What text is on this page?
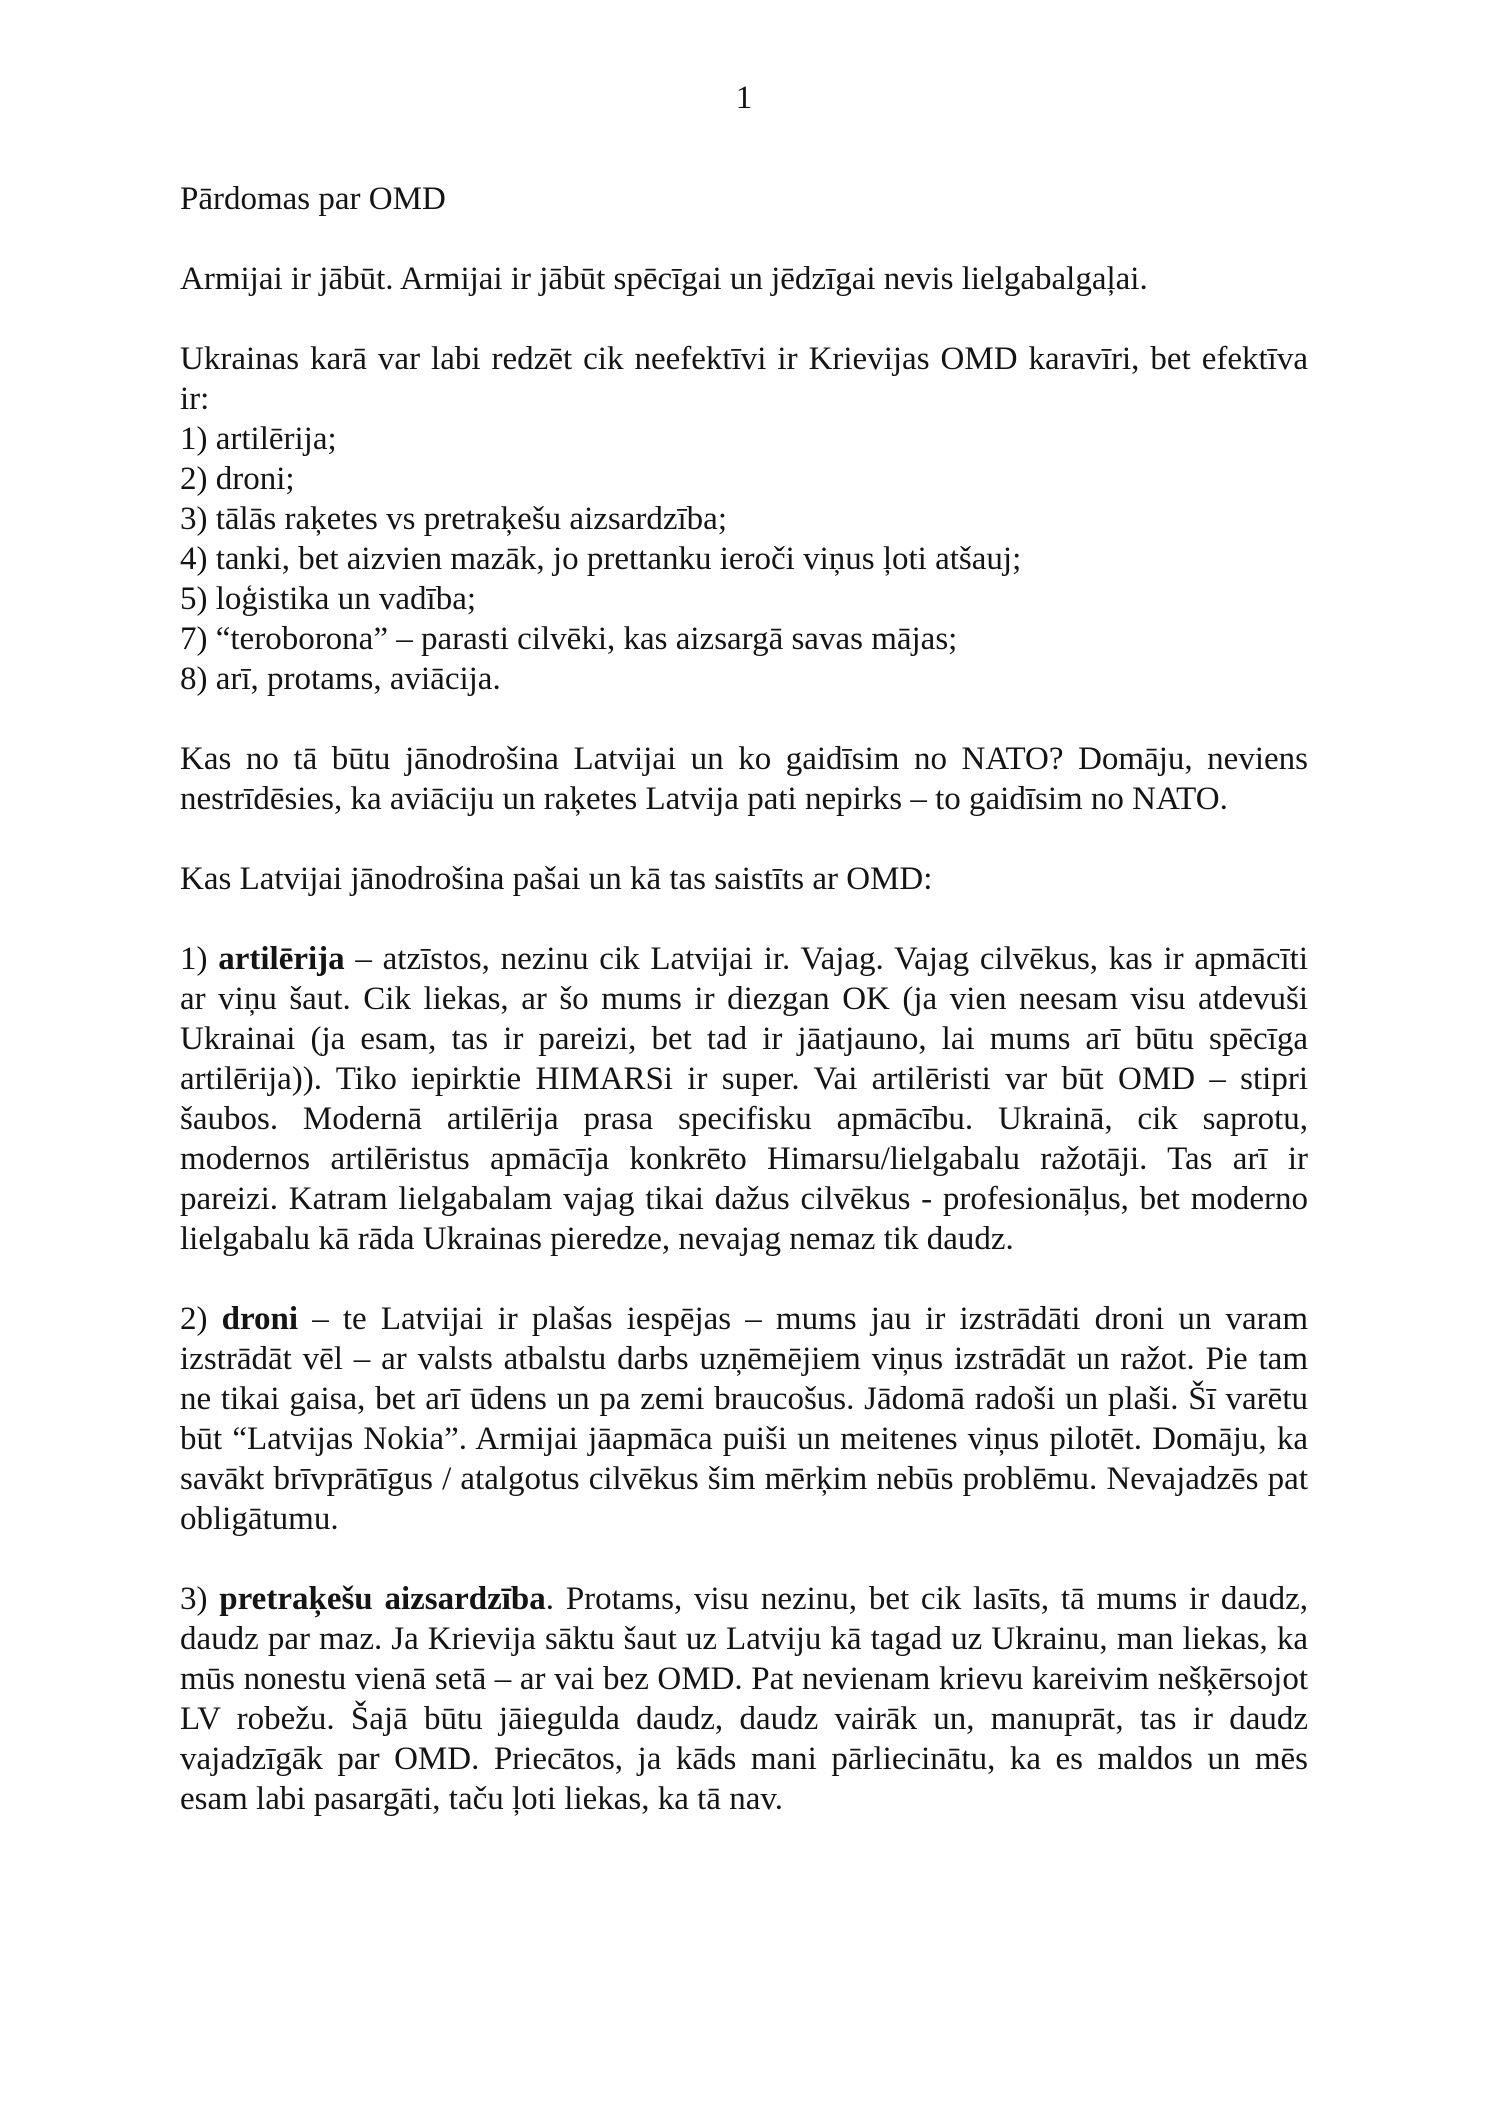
1

Pārdomas par OMD

Armijai ir jābūt. Armijai ir jābūt spēcīgai un jēdzīgai nevis lielgabalgaļai.

Ukrainas karā var labi redzēt cik neefektīvi ir Krievijas OMD karavīri, bet efektīva ir:

1) artilērija;

2) droni;

3) tālās raķetes vs pretraķešu aizsardzība;

4) tanki, bet aizvien mazāk, jo prettanku ieroči viņus ļoti atšauj;

5) loģistika un vadība;

7) “teroborona” – parasti cilvēki, kas aizsargā savas mājas;

8) arī, protams, aviācija.

Kas no tā būtu jānodrošina Latvijai un ko gaidīsim no NATO? Domāju, neviens nestrīdēsies, ka aviāciju un raķetes Latvija pati nepirks – to gaidīsim no NATO.

Kas Latvijai jānodrošina pašai un kā tas saistīts ar OMD:

1) artilērija – atzīstos, nezinu cik Latvijai ir. Vajag. Vajag cilvēkus, kas ir apmācīti ar viņu šaut. Cik liekas, ar šo mums ir diezgan OK (ja vien neesam visu atdevuši Ukrainai (ja esam, tas ir pareizi, bet tad ir jāatjauno, lai mums arī būtu spēcīga artilērija)). Tiko iepirktie HIMARSi ir super. Vai artilēristi var būt OMD – stipri šaubos. Modernā artilērija prasa specifisku apmācību. Ukrainā, cik saprotu, modernos artilēristus apmācīja konkrēto Himarsu/lielgabalu ražotāji. Tas arī ir pareizi. Katram lielgabalam vajag tikai dažus cilvēkus - profesionāļus, bet moderno lielgabalu kā rāda Ukrainas pieredze, nevajag nemaz tik daudz.

2) droni – te Latvijai ir plašas iespējas – mums jau ir izstrādāti droni un varam izstrādāt vēl – ar valsts atbalstu darbs uzņēmējiem viņus izstrādāt un ražot. Pie tam ne tikai gaisa, bet arī ūdens un pa zemi braucošus. Jādomā radoši un plaši. Šī varētu būt “Latvijas Nokia”. Armijai jāapmāca puiši un meitenes viņus pilotēt. Domāju, ka savākt brīvprātīgus / atalgotus cilvēkus šim mērķim nebūs problēmu. Nevajadzēs pat obligātumu.

3) pretraķešu aizsardzība. Protams, visu nezinu, bet cik lasīts, tā mums ir daudz, daudz par maz. Ja Krievija sāktu šaut uz Latviju kā tagad uz Ukrainu, man liekas, ka mūs nonestu vienā setā – ar vai bez OMD. Pat nevienam krievu kareivim nešķērsojot LV robežu. Šajā būtu jāiegulda daudz, daudz vairāk un, manuprāt, tas ir daudz vajadzīgāk par OMD. Priecātos, ja kāds mani pārliecinātu, ka es maldos un mēs esam labi pasargāti, taču ļoti liekas, ka tā nav.
